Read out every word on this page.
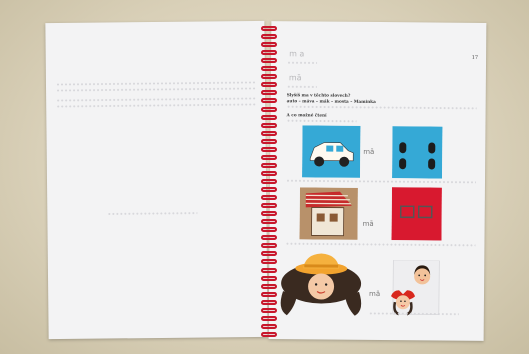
17
m a
mā
Slyšíš ma v těchto slovech?
auto – máva – mák – mosta – Maminka
A co možné čtení
mā
mā
mā
